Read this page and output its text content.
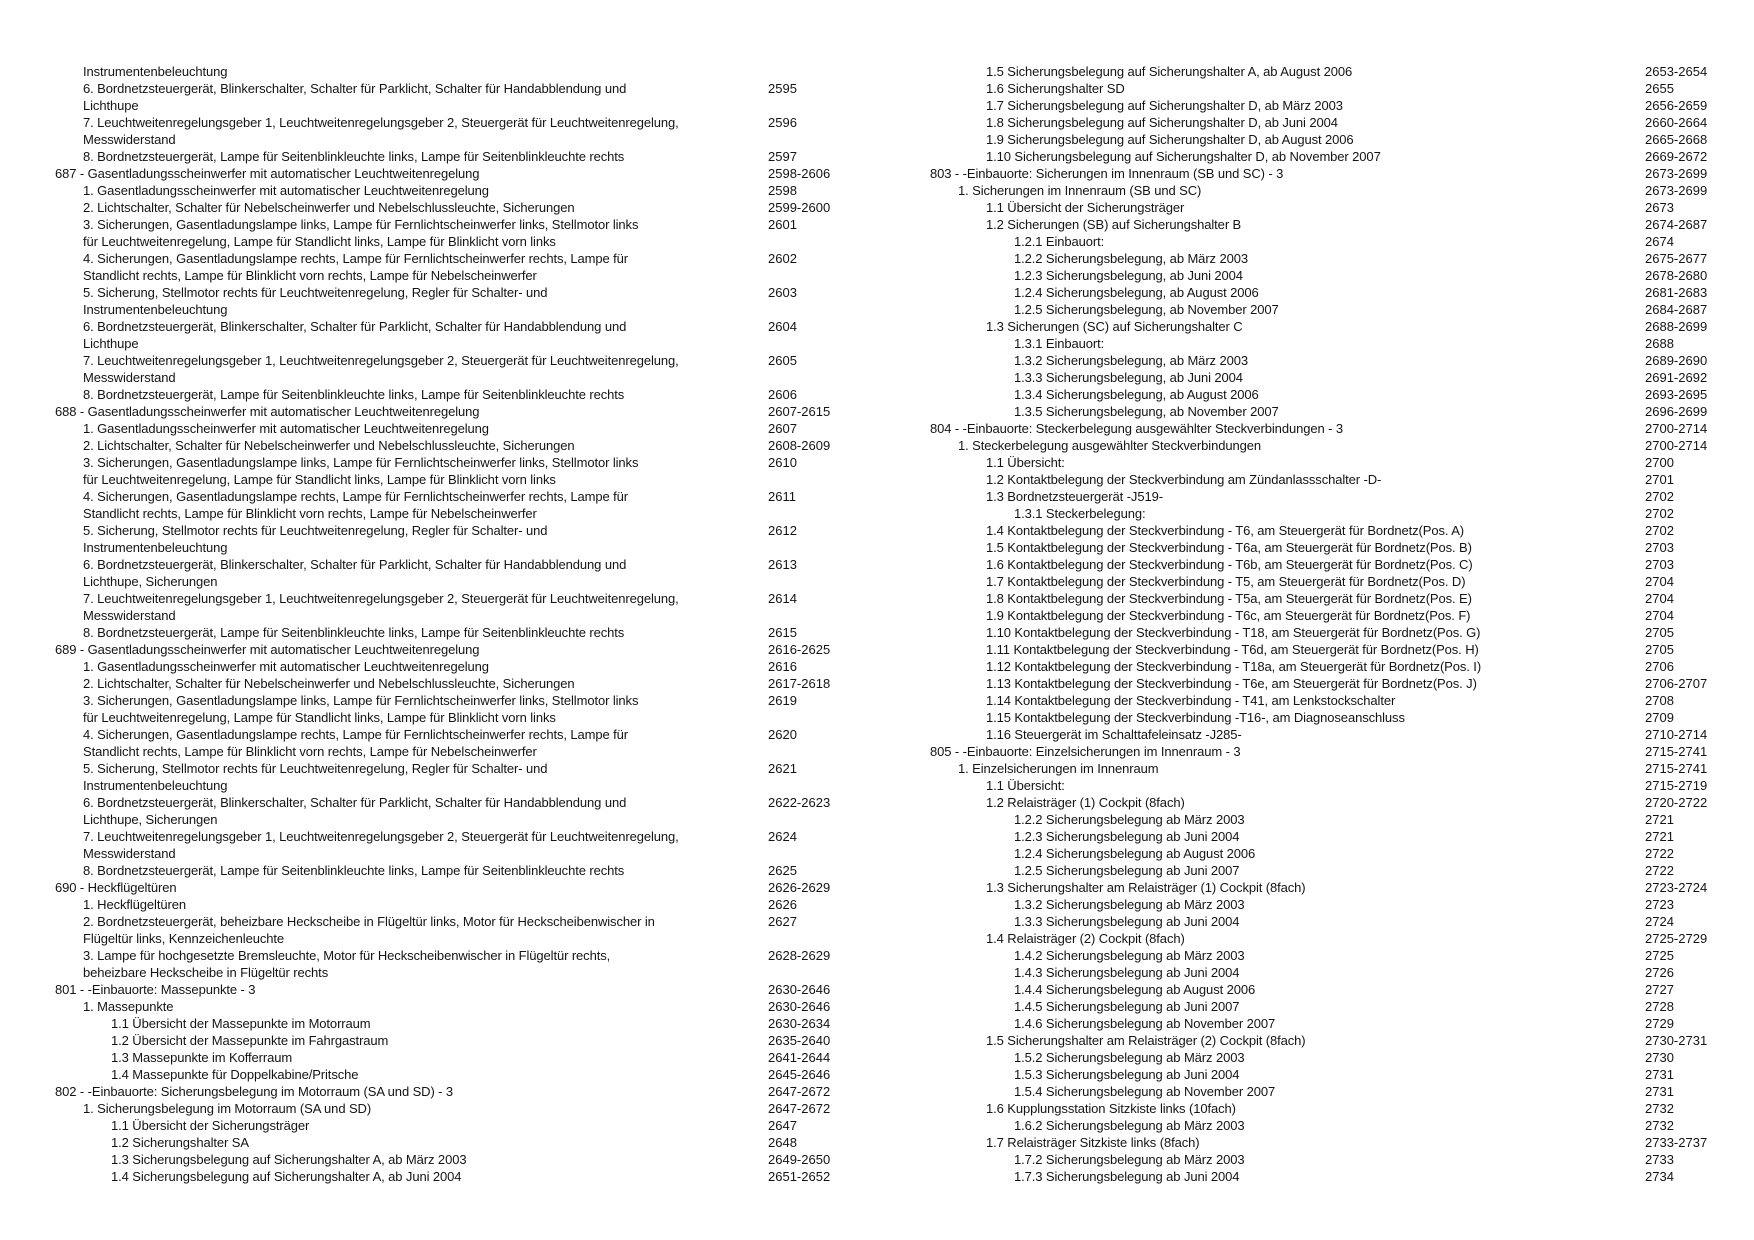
Instrumentenbeleuchtung
6. Bordnetzsteuergerät, Blinkerschalter, Schalter für Parklicht, Schalter für Handabblendung und	2595
Lichthupe
7. Leuchtweitenregelungsgeber 1, Leuchtweitenregelungsgeber 2, Steuergerät für Leuchtweitenregelung,	2596
Messwiderstand
8. Bordnetzsteuergerät, Lampe für Seitenblinkleuchte links, Lampe für Seitenblinkleuchte rechts	2597
687 - Gasentladungsscheinwerfer mit automatischer Leuchtweitenregelung	2598-2606
1. Gasentladungsscheinwerfer mit automatischer Leuchtweitenregelung	2598
2. Lichtschalter, Schalter für Nebelscheinwerfer und Nebelschlussleuchte, Sicherungen	2599-2600
3. Sicherungen, Gasentladungslampe links, Lampe für Fernlichtscheinwerfer links, Stellmotor links	2601
für Leuchtweitenregelung, Lampe für Standlicht links, Lampe für Blinklicht vorn links
4. Sicherungen, Gasentladungslampe rechts, Lampe für Fernlichtscheinwerfer rechts, Lampe für	2602
Standlicht rechts, Lampe für Blinklicht vorn rechts, Lampe für Nebelscheinwerfer
5. Sicherung, Stellmotor rechts für Leuchtweitenregelung, Regler für Schalter- und	2603
Instrumentenbeleuchtung
6. Bordnetzsteuergerät, Blinkerschalter, Schalter für Parklicht, Schalter für Handabblendung und	2604
Lichthupe
7. Leuchtweitenregelungsgeber 1, Leuchtweitenregelungsgeber 2, Steuergerät für Leuchtweitenregelung,	2605
Messwiderstand
8. Bordnetzsteuergerät, Lampe für Seitenblinkleuchte links, Lampe für Seitenblinkleuchte rechts	2606
688 - Gasentladungsscheinwerfer mit automatischer Leuchtweitenregelung	2607-2615
1. Gasentladungsscheinwerfer mit automatischer Leuchtweitenregelung	2607
2. Lichtschalter, Schalter für Nebelscheinwerfer und Nebelschlussleuchte, Sicherungen	2608-2609
3. Sicherungen, Gasentladungslampe links, Lampe für Fernlichtscheinwerfer links, Stellmotor links	2610
für Leuchtweitenregelung, Lampe für Standlicht links, Lampe für Blinklicht vorn links
4. Sicherungen, Gasentladungslampe rechts, Lampe für Fernlichtscheinwerfer rechts, Lampe für	2611
Standlicht rechts, Lampe für Blinklicht vorn rechts, Lampe für Nebelscheinwerfer
5. Sicherung, Stellmotor rechts für Leuchtweitenregelung, Regler für Schalter- und	2612
Instrumentenbeleuchtung
6. Bordnetzsteuergerät, Blinkerschalter, Schalter für Parklicht, Schalter für Handabblendung und	2613
Lichthupe, Sicherungen
7. Leuchtweitenregelungsgeber 1, Leuchtweitenregelungsgeber 2, Steuergerät für Leuchtweitenregelung,	2614
Messwiderstand
8. Bordnetzsteuergerät, Lampe für Seitenblinkleuchte links, Lampe für Seitenblinkleuchte rechts	2615
689 - Gasentladungsscheinwerfer mit automatischer Leuchtweitenregelung	2616-2625
1. Gasentladungsscheinwerfer mit automatischer Leuchtweitenregelung	2616
2. Lichtschalter, Schalter für Nebelscheinwerfer und Nebelschlussleuchte, Sicherungen	2617-2618
3. Sicherungen, Gasentladungslampe links, Lampe für Fernlichtscheinwerfer links, Stellmotor links	2619
für Leuchtweitenregelung, Lampe für Standlicht links, Lampe für Blinklicht vorn links
4. Sicherungen, Gasentladungslampe rechts, Lampe für Fernlichtscheinwerfer rechts, Lampe für	2620
Standlicht rechts, Lampe für Blinklicht vorn rechts, Lampe für Nebelscheinwerfer
5. Sicherung, Stellmotor rechts für Leuchtweitenregelung, Regler für Schalter- und	2621
Instrumentenbeleuchtung
6. Bordnetzsteuergerät, Blinkerschalter, Schalter für Parklicht, Schalter für Handabblendung und	2622-2623
Lichthupe, Sicherungen
7. Leuchtweitenregelungsgeber 1, Leuchtweitenregelungsgeber 2, Steuergerät für Leuchtweitenregelung,	2624
Messwiderstand
8. Bordnetzsteuergerät, Lampe für Seitenblinkleuchte links, Lampe für Seitenblinkleuchte rechts	2625
690 - Heckflügeltüren	2626-2629
1. Heckflügeltüren	2626
2. Bordnetzsteuergerät, beheizbare Heckscheibe in Flügeltür links, Motor für Heckscheibenwischer in	2627
Flügeltür links, Kennzeichenleuchte
3. Lampe für hochgesetzte Bremsleuchte, Motor für Heckscheibenwischer in Flügeltür rechts,	2628-2629
beheizbare Heckscheibe in Flügeltür rechts
801 - -Einbauorte: Massepunkte - 3	2630-2646
1. Massepunkte	2630-2646
1.1 Übersicht der Massepunkte im Motorraum	2630-2634
1.2 Übersicht der Massepunkte im Fahrgastraum	2635-2640
1.3 Massepunkte im Kofferraum	2641-2644
1.4 Massepunkte für Doppelkabine/Pritsche	2645-2646
802 - -Einbauorte: Sicherungsbelegung im Motorraum (SA und SD) - 3	2647-2672
1. Sicherungsbelegung im Motorraum (SA und SD)	2647-2672
1.1 Übersicht der Sicherungsträger	2647
1.2 Sicherungshalter SA	2648
1.3 Sicherungsbelegung auf Sicherungshalter A, ab März 2003	2649-2650
1.4 Sicherungsbelegung auf Sicherungshalter A, ab Juni 2004	2651-2652
1.5 Sicherungsbelegung auf Sicherungshalter A, ab August 2006	2653-2654
1.6 Sicherungshalter SD	2655
1.7 Sicherungsbelegung auf Sicherungshalter D, ab März 2003	2656-2659
1.8 Sicherungsbelegung auf Sicherungshalter D, ab Juni 2004	2660-2664
1.9 Sicherungsbelegung auf Sicherungshalter D, ab August 2006	2665-2668
1.10 Sicherungsbelegung auf Sicherungshalter D, ab November 2007	2669-2672
803 - -Einbauorte: Sicherungen im Innenraum (SB und SC) - 3	2673-2699
1. Sicherungen im Innenraum (SB und SC)	2673-2699
1.1 Übersicht der Sicherungsträger	2673
1.2 Sicherungen (SB) auf Sicherungshalter B	2674-2687
1.2.1 Einbauort:	2674
1.2.2 Sicherungsbelegung, ab März 2003	2675-2677
1.2.3 Sicherungsbelegung, ab Juni 2004	2678-2680
1.2.4 Sicherungsbelegung, ab August 2006	2681-2683
1.2.5 Sicherungsbelegung, ab November 2007	2684-2687
1.3 Sicherungen (SC) auf Sicherungshalter C	2688-2699
1.3.1 Einbauort:	2688
1.3.2 Sicherungsbelegung, ab März 2003	2689-2690
1.3.3 Sicherungsbelegung, ab Juni 2004	2691-2692
1.3.4 Sicherungsbelegung, ab August 2006	2693-2695
1.3.5 Sicherungsbelegung, ab November 2007	2696-2699
804 - -Einbauorte: Steckerbelegung ausgewählter Steckverbindungen - 3	2700-2714
1. Steckerbelegung ausgewählter Steckverbindungen	2700-2714
1.1 Übersicht:	2700
1.2 Kontaktbelegung der Steckverbindung am Zündanlassschalter -D-	2701
1.3 Bordnetzsteuergerät -J519-	2702
1.3.1 Steckerbelegung:	2702
1.4 Kontaktbelegung der Steckverbindung - T6, am Steuergerät für Bordnetz(Pos. A)	2702
1.5 Kontaktbelegung der Steckverbindung - T6a, am Steuergerät für Bordnetz(Pos. B)	2703
1.6 Kontaktbelegung der Steckverbindung - T6b, am Steuergerät für Bordnetz(Pos. C)	2703
1.7 Kontaktbelegung der Steckverbindung - T5, am Steuergerät für Bordnetz(Pos. D)	2704
1.8 Kontaktbelegung der Steckverbindung - T5a, am Steuergerät für Bordnetz(Pos. E)	2704
1.9 Kontaktbelegung der Steckverbindung - T6c, am Steuergerät für Bordnetz(Pos. F)	2704
1.10 Kontaktbelegung der Steckverbindung - T18, am Steuergerät für Bordnetz(Pos. G)	2705
1.11 Kontaktbelegung der Steckverbindung - T6d, am Steuergerät für Bordnetz(Pos. H)	2705
1.12 Kontaktbelegung der Steckverbindung - T18a, am Steuergerät für Bordnetz(Pos. I)	2706
1.13 Kontaktbelegung der Steckverbindung - T6e, am Steuergerät für Bordnetz(Pos. J)	2706-2707
1.14 Kontaktbelegung der Steckverbindung - T41, am Lenkstockschalter	2708
1.15 Kontaktbelegung der Steckverbindung -T16-, am Diagnoseanschluss	2709
1.16 Steuergerät im Schalttafeleinsatz -J285-	2710-2714
805 - -Einbauorte: Einzelsicherungen im Innenraum - 3	2715-2741
1. Einzelsicherungen im Innenraum	2715-2741
1.1 Übersicht:	2715-2719
1.2 Relaisträger (1) Cockpit (8fach)	2720-2722
1.2.2 Sicherungsbelegung ab März 2003	2721
1.2.3 Sicherungsbelegung ab Juni 2004	2721
1.2.4 Sicherungsbelegung ab August 2006	2722
1.2.5 Sicherungsbelegung ab Juni 2007	2722
1.3 Sicherungshalter am Relaisträger (1) Cockpit (8fach)	2723-2724
1.3.2 Sicherungsbelegung ab März 2003	2723
1.3.3 Sicherungsbelegung ab Juni 2004	2724
1.4 Relaisträger (2) Cockpit (8fach)	2725-2729
1.4.2 Sicherungsbelegung ab März 2003	2725
1.4.3 Sicherungsbelegung ab Juni 2004	2726
1.4.4 Sicherungsbelegung ab August 2006	2727
1.4.5 Sicherungsbelegung ab Juni 2007	2728
1.4.6 Sicherungsbelegung ab November 2007	2729
1.5 Sicherungshalter am Relaisträger (2) Cockpit (8fach)	2730-2731
1.5.2 Sicherungsbelegung ab März 2003	2730
1.5.3 Sicherungsbelegung ab Juni 2004	2731
1.5.4 Sicherungsbelegung ab November 2007	2731
1.6 Kupplungsstation Sitzkiste links (10fach)	2732
1.6.2 Sicherungsbelegung ab März 2003	2732
1.7 Relaisträger Sitzkiste links (8fach)	2733-2737
1.7.2 Sicherungsbelegung ab März 2003	2733
1.7.3 Sicherungsbelegung ab Juni 2004	2734
